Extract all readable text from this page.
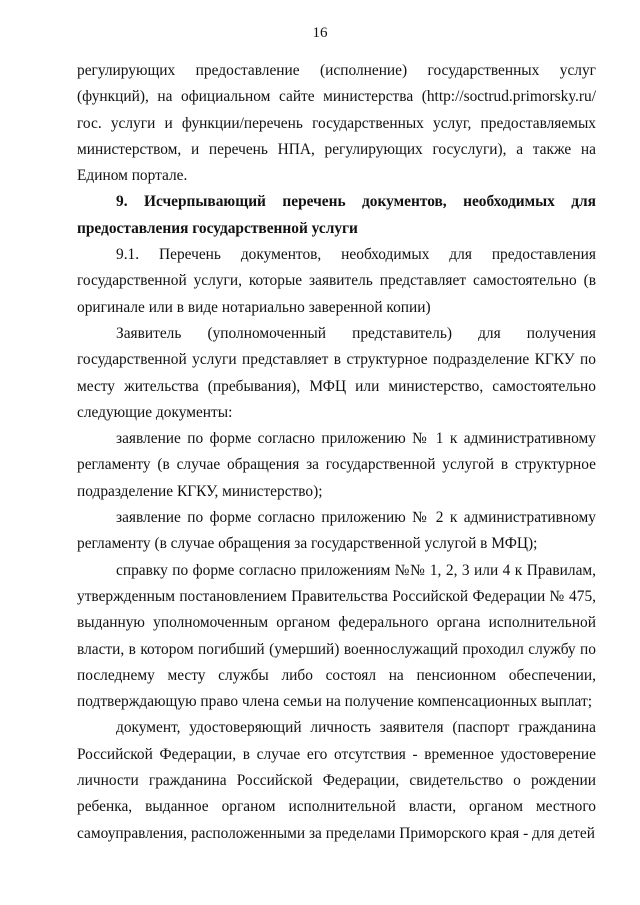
16

регулирующих предоставление (исполнение) государственных услуг (функций), на официальном сайте министерства (http://soctrud.primorsky.ru/гос. услуги и функции/перечень государственных услуг, предоставляемых министерством, и перечень НПА, регулирующих госуслуги), а также на Едином портале.

9. Исчерпывающий перечень документов, необходимых для предоставления государственной услуги

9.1. Перечень документов, необходимых для предоставления государственной услуги, которые заявитель представляет самостоятельно (в оригинале или в виде нотариально заверенной копии)

Заявитель (уполномоченный представитель) для получения государственной услуги представляет в структурное подразделение КГКУ по месту жительства (пребывания), МФЦ или министерство, самостоятельно следующие документы:

заявление по форме согласно приложению № 1 к административному регламенту (в случае обращения за государственной услугой в структурное подразделение КГКУ, министерство);

заявление по форме согласно приложению № 2 к административному регламенту (в случае обращения за государственной услугой в МФЦ);

справку по форме согласно приложениям №№ 1, 2, 3 или 4 к Правилам, утвержденным постановлением Правительства Российской Федерации № 475, выданную уполномоченным органом федерального органа исполнительной власти, в котором погибший (умерший) военнослужащий проходил службу по последнему месту службы либо состоял на пенсионном обеспечении, подтверждающую право члена семьи на получение компенсационных выплат;

документ, удостоверяющий личность заявителя (паспорт гражданина Российской Федерации, в случае его отсутствия - временное удостоверение личности гражданина Российской Федерации, свидетельство о рождении ребенка, выданное органом исполнительной власти, органом местного самоуправления, расположенными за пределами Приморского края - для детей
